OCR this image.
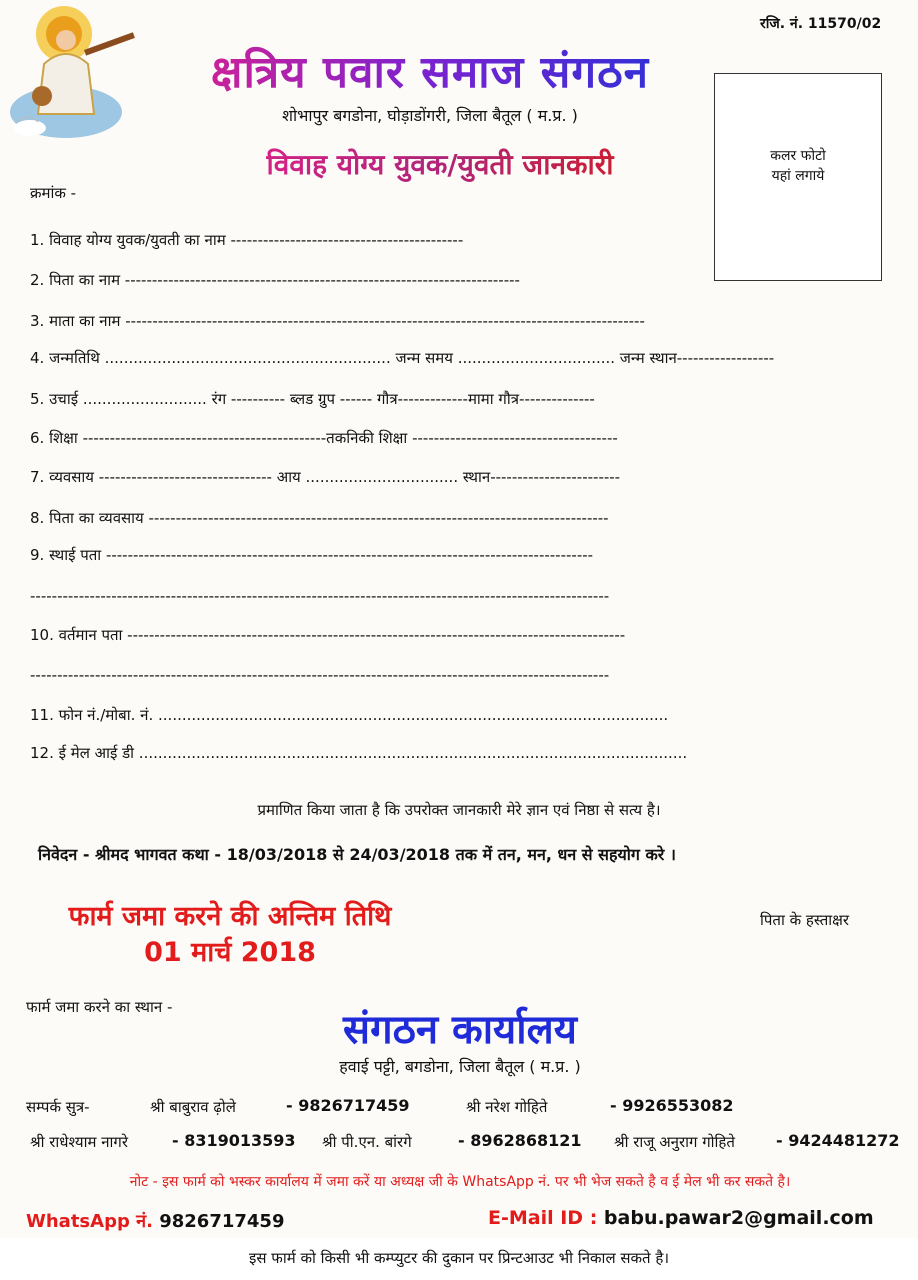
रजि. नं. 11570/02
क्षत्रिय पवार समाज संगठन
शोभापुर बगडोना, घोड़ाडोंगरी, जिला बैतूल ( म.प्र. )
विवाह योग्य युवक/युवती जानकारी	कलर फोटो
यहां लगाये
क्रमांक -
1. विवाह योग्य युवक/युवती का नाम -------------------------------------------
2. पिता का नाम -------------------------------------------------------------------------
3. माता का नाम ------------------------------------------------------------------------------------------------
4. जन्मतिथि ............................................................ जन्म समय ................................. जन्म स्थान------------------
5. उचाई .......................... रंग ---------- ब्लड ग्रुप ------ गौत्र-------------मामा गौत्र--------------
6. शिक्षा ---------------------------------------------तकनिकी शिक्षा --------------------------------------
7. व्यवसाय -------------------------------- आय ................................ स्थान------------------------
8. पिता का व्यवसाय -------------------------------------------------------------------------------------
9. स्थाई पता ------------------------------------------------------------------------------------------
-----------------------------------------------------------------------------------------------------------
10. वर्तमान पता --------------------------------------------------------------------------------------------
-----------------------------------------------------------------------------------------------------------
11. फोन नं./मोबा. नं. ...........................................................................................................
12. ई मेल आई डी ...................................................................................................................
प्रमाणित किया जाता है कि उपरोक्त जानकारी मेरे ज्ञान एवं निष्ठा से सत्य है।
निवेदन - श्रीमद भागवत कथा - 18/03/2018 से 24/03/2018 तक में तन, मन, धन से सहयोग करे ।
फार्म जमा करने की अन्तिम तिथि
01 मार्च 2018
पिता के हस्ताक्षर
फार्म जमा करने का स्थान -	संगठन कार्यालय
हवाई पट्टी, बगडोना, जिला बैतूल ( म.प्र. )
सम्पर्क सुत्र-	श्री बाबुराव ढ़ोले	- 9826717459	श्री नरेश गोहिते	- 9926553082
श्री राधेश्याम नागरे	- 8319013593 श्री पी.एन. बांरगे	- 8962868121 श्री राजू अनुराग गोहिते	- 9424481272
नोट - इस फार्म को भस्कर कार्यालय में जमा करें या अध्यक्ष जी के WhatsApp नं. पर भी भेज सकते है व ई मेल भी कर सकते है।
WhatsApp नं. 9826717459	E-Mail ID : babu.pawar2@gmail.com
इस फार्म को किसी भी कम्प्युटर की दुकान पर प्रिन्टआउट भी निकाल सकते है।
